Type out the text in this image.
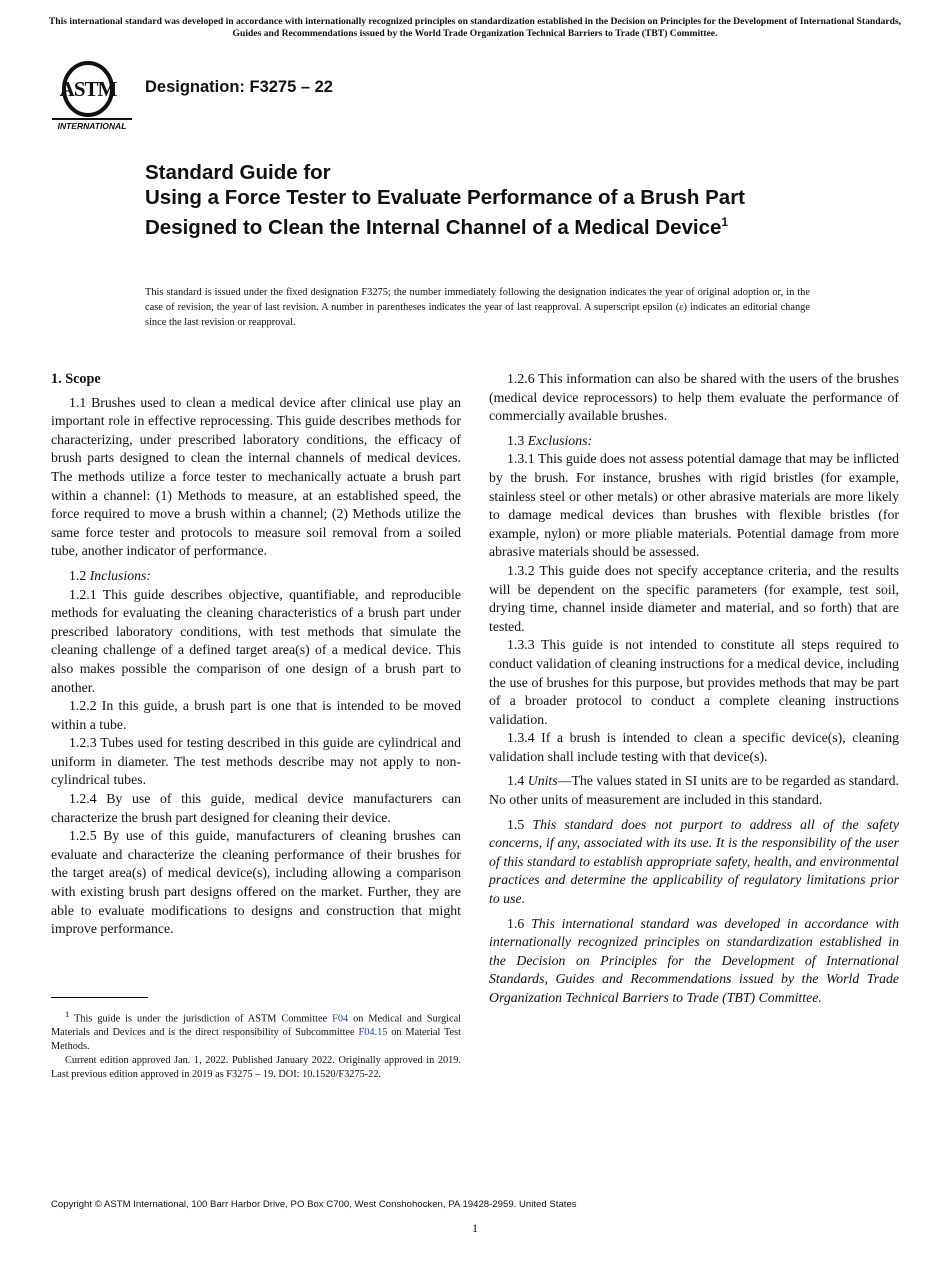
This international standard was developed in accordance with internationally recognized principles on standardization established in the Decision on Principles for the Development of International Standards, Guides and Recommendations issued by the World Trade Organization Technical Barriers to Trade (TBT) Committee.
ASTM
INTERNATIONAL
Designation: F3275 – 22
Standard Guide for
Using a Force Tester to Evaluate Performance of a Brush Part Designed to Clean the Internal Channel of a Medical Device$^1$
This standard is issued under the fixed designation F3275; the number immediately following the designation indicates the year of original adoption or, in the case of revision, the year of last revision. A number in parentheses indicates the year of last reapproval. A superscript epsilon (ε) indicates an editorial change since the last revision or reapproval.

1. Scope

1.1 Brushes used to clean a medical device after clinical use play an important role in effective reprocessing. This guide describes methods for characterizing, under prescribed laboratory conditions, the efficacy of brush parts designed to clean the internal channels of medical devices. The methods utilize a force tester to mechanically actuate a brush part within a channel: (1) Methods to measure, at an established speed, the force required to move a brush within a channel; (2) Methods utilize the same force tester and protocols to measure soil removal from a soiled tube, another indicator of performance.

1.2 Inclusions:

1.2.1 This guide describes objective, quantifiable, and reproducible methods for evaluating the cleaning characteristics of a brush part under prescribed laboratory conditions, with test methods that simulate the cleaning challenge of a defined target area(s) of a medical device. This also makes possible the comparison of one design of a brush part to another.

1.2.2 In this guide, a brush part is one that is intended to be moved within a tube.

1.2.3 Tubes used for testing described in this guide are cylindrical and uniform in diameter. The test methods describe may not apply to non-cylindrical tubes.

1.2.4 By use of this guide, medical device manufacturers can characterize the brush part designed for cleaning their device.

1.2.5 By use of this guide, manufacturers of cleaning brushes can evaluate and characterize the cleaning performance of their brushes for the target area(s) of medical device(s), including allowing a comparison with existing brush part designs offered on the market. Further, they are able to evaluate modifications to designs and construction that might improve performance.

1.2.6 This information can also be shared with the users of the brushes (medical device reprocessors) to help them evaluate the performance of commercially available brushes.

1.3 Exclusions:

1.3.1 This guide does not assess potential damage that may be inflicted by the brush. For instance, brushes with rigid bristles (for example, stainless steel or other metals) or other abrasive materials are more likely to damage medical devices than brushes with flexible bristles (for example, nylon) or more pliable materials. Potential damage from more abrasive materials should be assessed.

1.3.2 This guide does not specify acceptance criteria, and the results will be dependent on the specific parameters (for example, test soil, drying time, channel inside diameter and material, and so forth) that are tested.

1.3.3 This guide is not intended to constitute all steps required to conduct validation of cleaning instructions for a medical device, including the use of brushes for this purpose, but provides methods that may be part of a broader protocol to conduct a complete cleaning instructions validation.

1.3.4 If a brush is intended to clean a specific device(s), cleaning validation shall include testing with that device(s).

1.4 Units—The values stated in SI units are to be regarded as standard. No other units of measurement are included in this standard.

1.5 This standard does not purport to address all of the safety concerns, if any, associated with its use. It is the responsibility of the user of this standard to establish appropriate safety, health, and environmental practices and determine the applicability of regulatory limitations prior to use.

1.6 This international standard was developed in accordance with internationally recognized principles on standardization established in the Decision on Principles for the Development of International Standards, Guides and Recommendations issued by the World Trade Organization Technical Barriers to Trade (TBT) Committee.

$^1$ This guide is under the jurisdiction of ASTM Committee F04 on Medical and Surgical Materials and Devices and is the direct responsibility of Subcommittee F04.15 on Material Test Methods.

Current edition approved Jan. 1, 2022. Published January 2022. Originally approved in 2019. Last previous edition approved in 2019 as F3275 – 19. DOI: 10.1520/F3275-22.

Copyright © ASTM International, 100 Barr Harbor Drive, PO Box C700, West Conshohocken, PA 19428-2959. United States
1
